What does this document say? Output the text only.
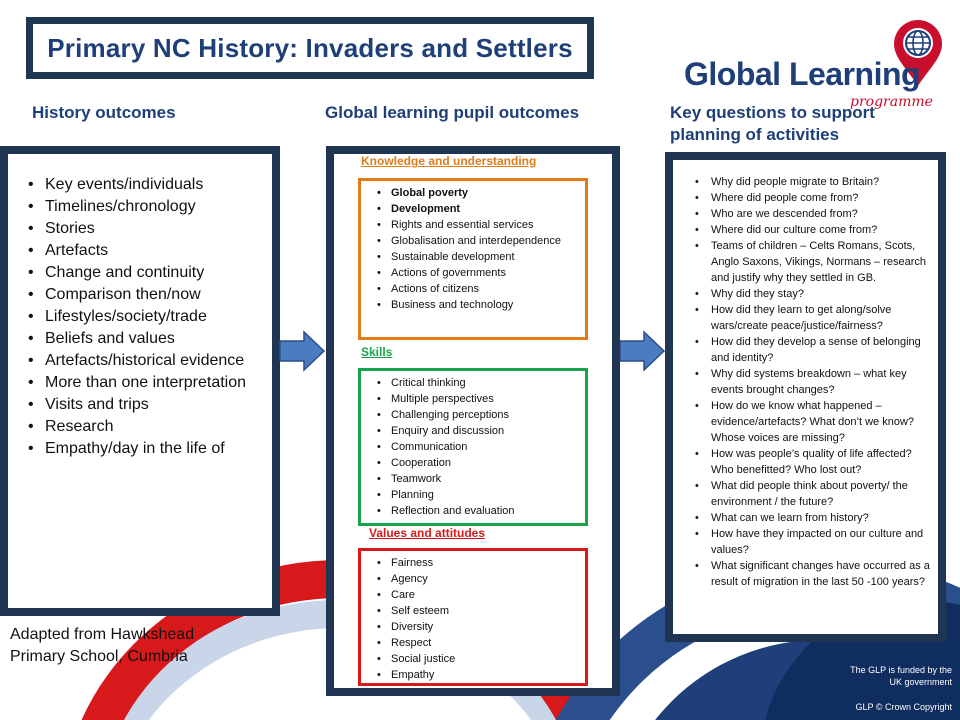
Primary NC History: Invaders and Settlers
Global Learning
programme
History outcomes	Global learning pupil outcomes	Key questions to support planning of activities
• Key events/individuals
• Timelines/chronology
• Stories
• Artefacts
• Change and continuity
• Comparison then/now
• Lifestyles/society/trade
• Beliefs and values
• Artefacts/historical evidence
• More than one interpretation
• Visits and trips
• Research
• Empathy/day in the life of
Knowledge and understanding
• Global poverty
• Development
• Rights and essential services
• Globalisation and interdependence
• Sustainable development
• Actions of governments
• Actions of citizens
• Business and technology
Skills
• Critical thinking
• Multiple perspectives
• Challenging perceptions
• Enquiry and discussion
• Communication
• Cooperation
• Teamwork
• Planning
• Reflection and evaluation
Values and attitudes
• Fairness
• Agency
• Care
• Self esteem
• Diversity
• Respect
• Social justice
• Empathy
• Why did people migrate to Britain?
• Where did people come from?
• Who are we descended from?
• Where did our culture come from?
• Teams of children – Celts Romans, Scots, Anglo Saxons, Vikings, Normans – research and justify why they settled in GB.
• Why did they stay?
• How did they learn to get along/solve wars/create peace/justice/fairness?
• How did they develop a sense of belonging and identity?
• Why did systems breakdown – what key events brought changes?
• How do we know what happened – evidence/artefacts? What don’t we know? Whose voices are missing?
• How was people’s quality of life affected? Who benefitted? Who lost out?
• What did people think about poverty/ the environment / the future?
• What can we learn from history?
• How have they impacted on our culture and values?
• What significant changes have occurred as a result of migration in the last 50 -100 years?
Adapted from Hawkshead Primary School, Cumbria
The GLP is funded by the UK government
GLP © Crown Copyright
